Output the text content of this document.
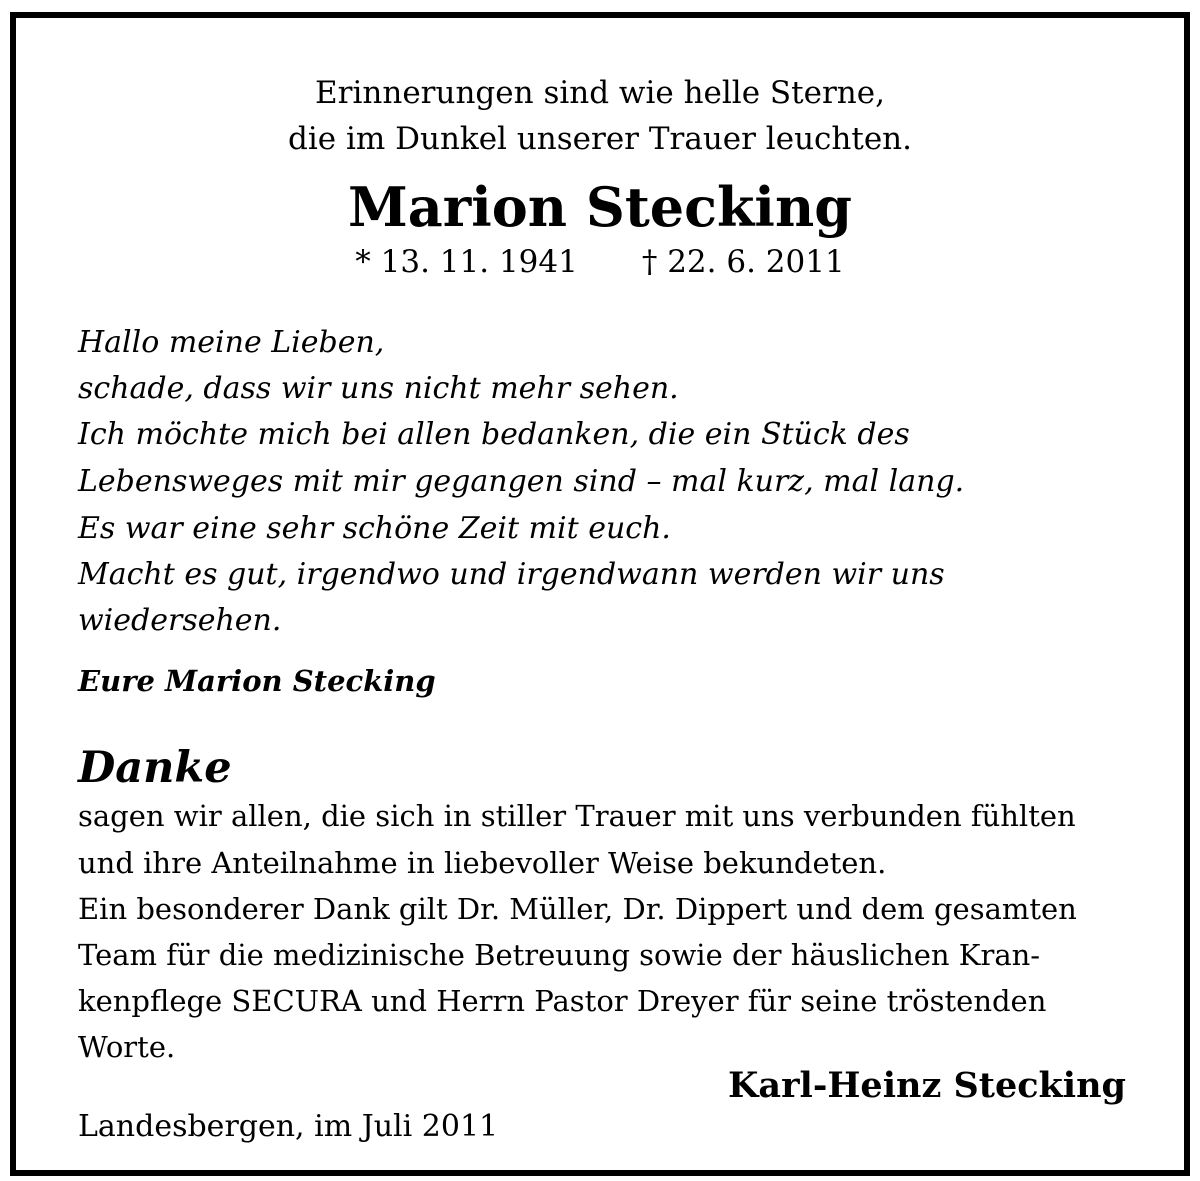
Erinnerungen sind wie helle Sterne,

die im Dunkel unserer Trauer leuchten.

Marion Stecking
* 13. 11. 1941 † 22. 6. 2011

Hallo meine Lieben,

schade, dass wir uns nicht mehr sehen.

Ich möchte mich bei allen bedanken, die ein Stück des

Lebensweges mit mir gegangen sind – mal kurz, mal lang.

Es war eine sehr schöne Zeit mit euch.

Macht es gut, irgendwo und irgendwann werden wir uns

wiedersehen.

Eure Marion Stecking

Danke

sagen wir allen, die sich in stiller Trauer mit uns verbunden fühlten

und ihre Anteilnahme in liebevoller Weise bekundeten.

Ein besonderer Dank gilt Dr. Müller, Dr. Dippert und dem gesamten

Team für die medizinische Betreuung sowie der häuslichen Kran-

kenpflege SECURA und Herrn Pastor Dreyer für seine tröstenden

Worte.

Karl-Heinz Stecking

Landesbergen, im Juli 2011
